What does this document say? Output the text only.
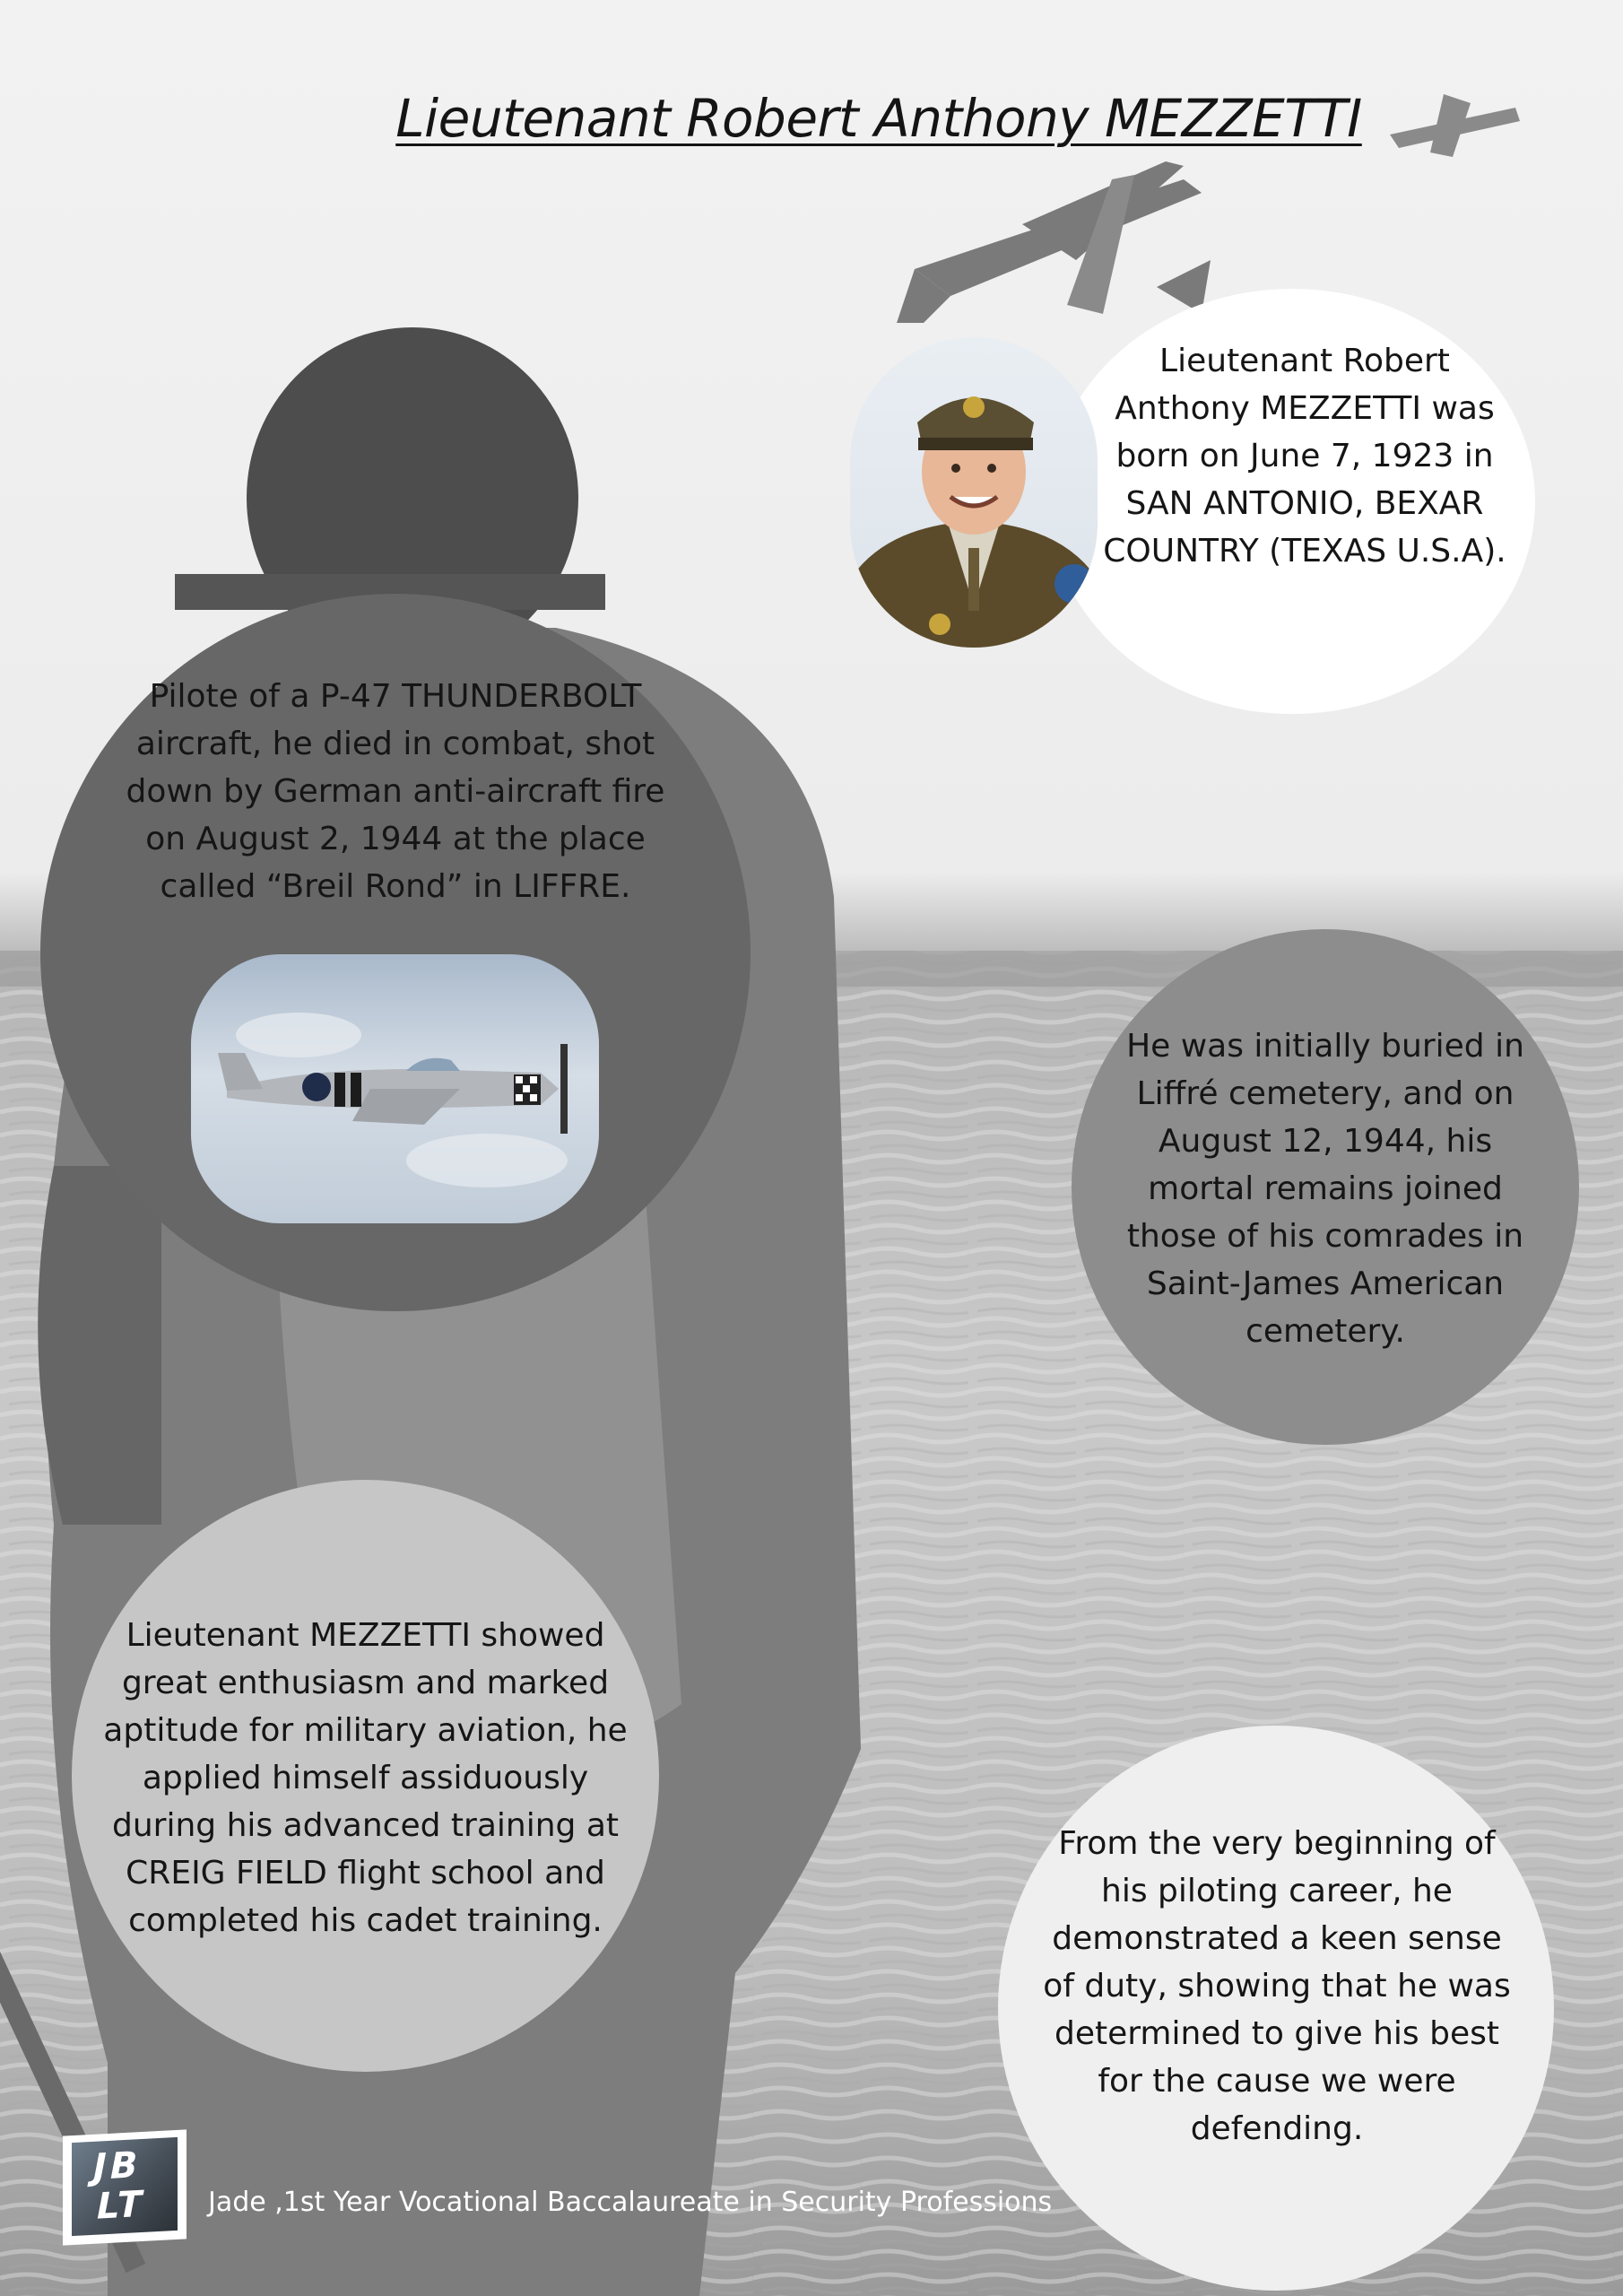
Lieutenant Robert Anthony MEZZETTI

Lieutenant Robert Anthony MEZZETTI was born on June 7, 1923 in SAN ANTONIO, BEXAR COUNTRY (TEXAS U.S.A).

Pilote of a P-47 THUNDERBOLT aircraft, he died in combat, shot down by German anti-aircraft fire on August 2, 1944 at the place called “Breil Rond” in LIFFRE.

He was initially buried in Liffré cemetery, and on August 12, 1944, his mortal remains joined those of his comrades in Saint-James American cemetery.

Lieutenant MEZZETTI showed great enthusiasm and marked aptitude for military aviation, he applied himself assiduously during his advanced training at CREIG FIELD flight school and completed his cadet training.

From the very beginning of his piloting career, he demonstrated a keen sense of duty, showing that he was determined to give his best for the cause we were defending.

JB
LT Jade ,1st Year Vocational Baccalaureate in Security Professions
